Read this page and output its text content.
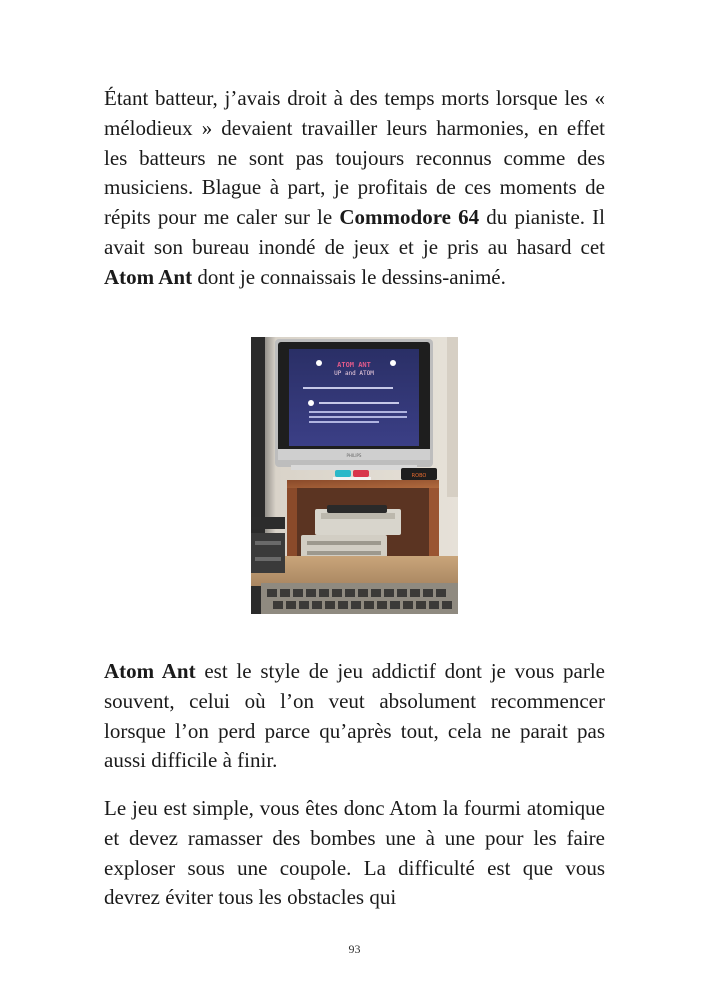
Étant batteur, j’avais droit à des temps morts lorsque les « mélodieux » devaient travailler leurs harmonies, en effet les batteurs ne sont pas toujours reconnus comme des musiciens. Blague à part, je profitais de ces moments de répits pour me caler sur le Commodore 64 du pianiste. Il avait son bureau inondé de jeux et je pris au hasard cet Atom Ant dont je connaissais le dessins-animé.

ATOM ANT
UP and ATOM
PHILIPS
ROBO

Atom Ant est le style de jeu addictif dont je vous parle souvent, celui où l’on veut absolument recommencer lorsque l’on perd parce qu’après tout, cela ne parait pas aussi difficile à finir.

Le jeu est simple, vous êtes donc Atom la fourmi atomique et devez ramasser des bombes une à une pour les faire exploser sous une coupole. La difficulté est que vous devrez éviter tous les obstacles qui

93
